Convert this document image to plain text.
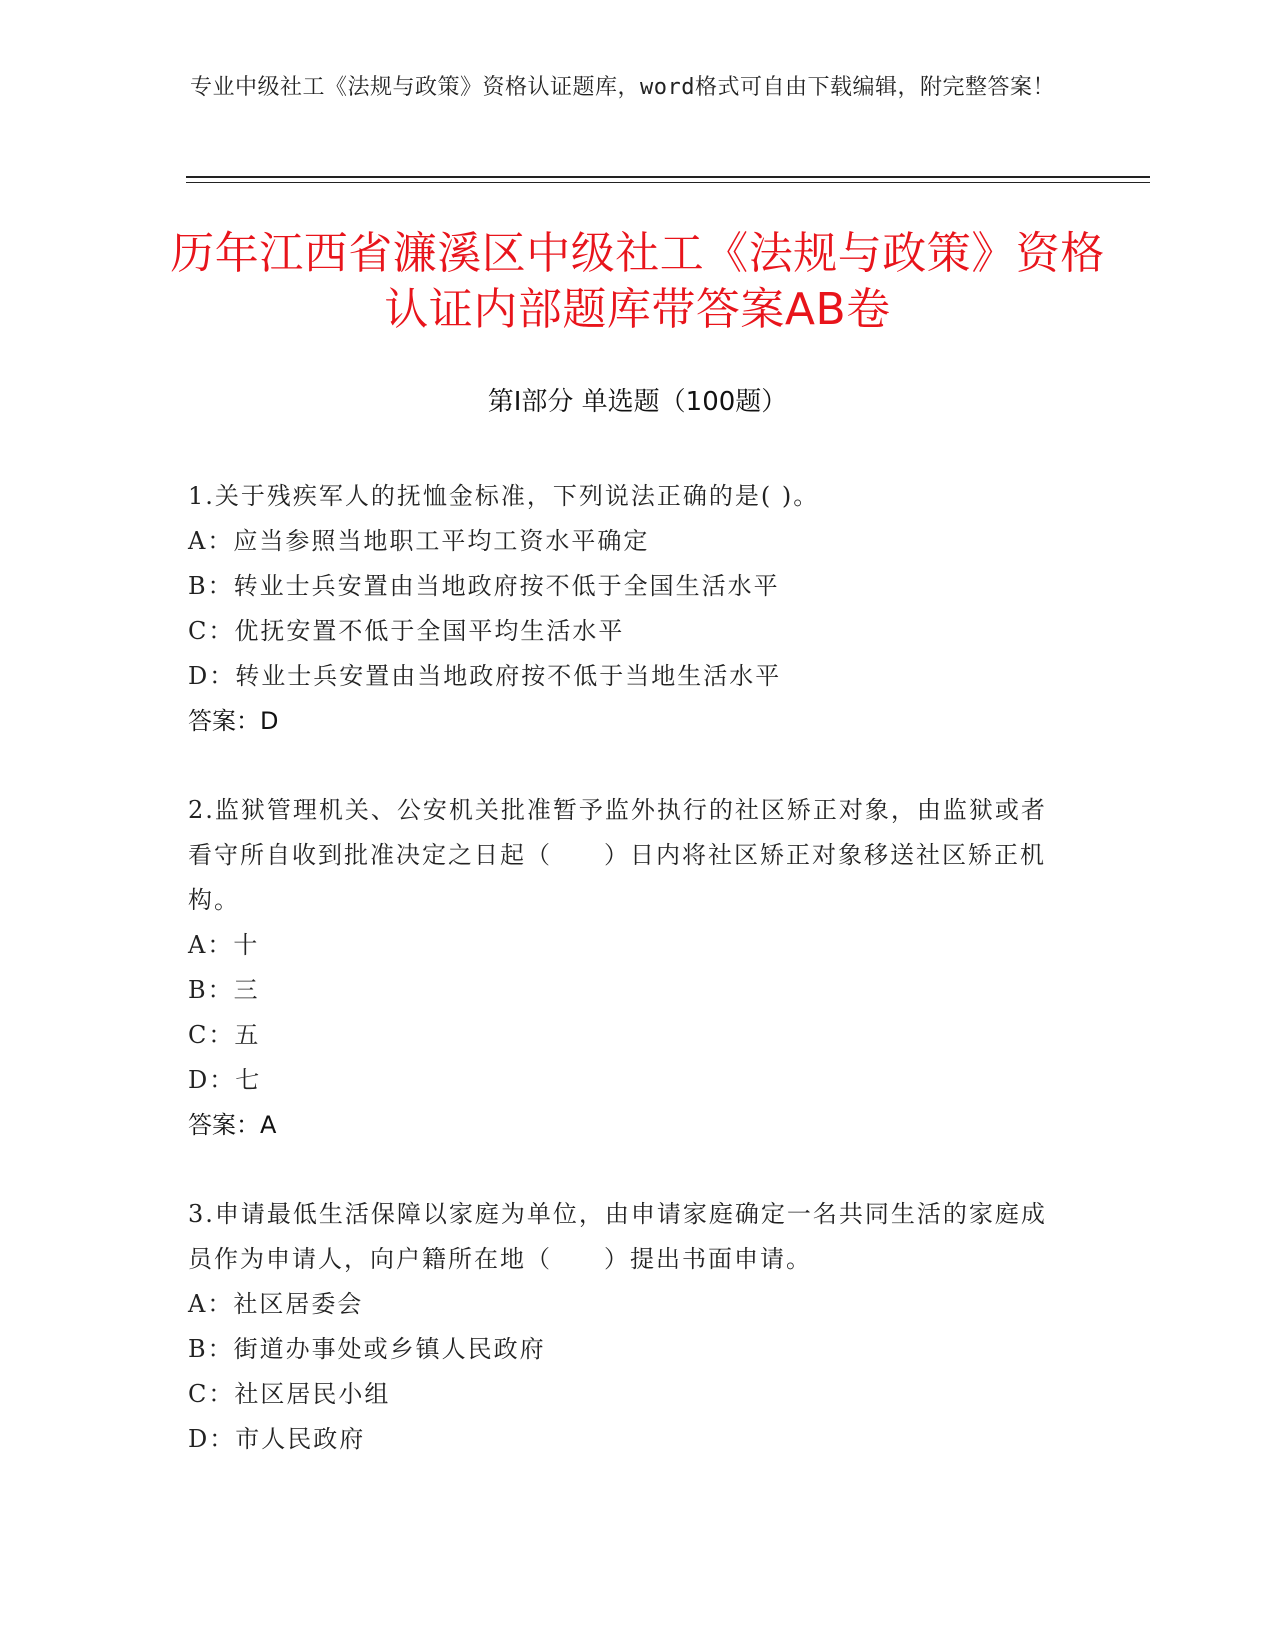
专业中级社工《法规与政策》资格认证题库，word格式可自由下载编辑，附完整答案！
历年江西省濂溪区中级社工《法规与政策》资格认证内部题库带答案AB卷
第Ⅰ部分 单选题（100题）

1.关于残疾军人的抚恤金标准，下列说法正确的是( )。

A：应当参照当地职工平均工资水平确定

B：转业士兵安置由当地政府按不低于全国生活水平

C：优抚安置不低于全国平均生活水平

D：转业士兵安置由当地政府按不低于当地生活水平

答案：D

2.监狱管理机关、公安机关批准暂予监外执行的社区矫正对象，由监狱或者看守所自收到批准决定之日起（　　）日内将社区矫正对象移送社区矫正机构。

A：十

B：三

C：五

D：七

答案：A

3.申请最低生活保障以家庭为单位，由申请家庭确定一名共同生活的家庭成员作为申请人，向户籍所在地（　　）提出书面申请。

A：社区居委会

B：街道办事处或乡镇人民政府

C：社区居民小组

D：市人民政府
